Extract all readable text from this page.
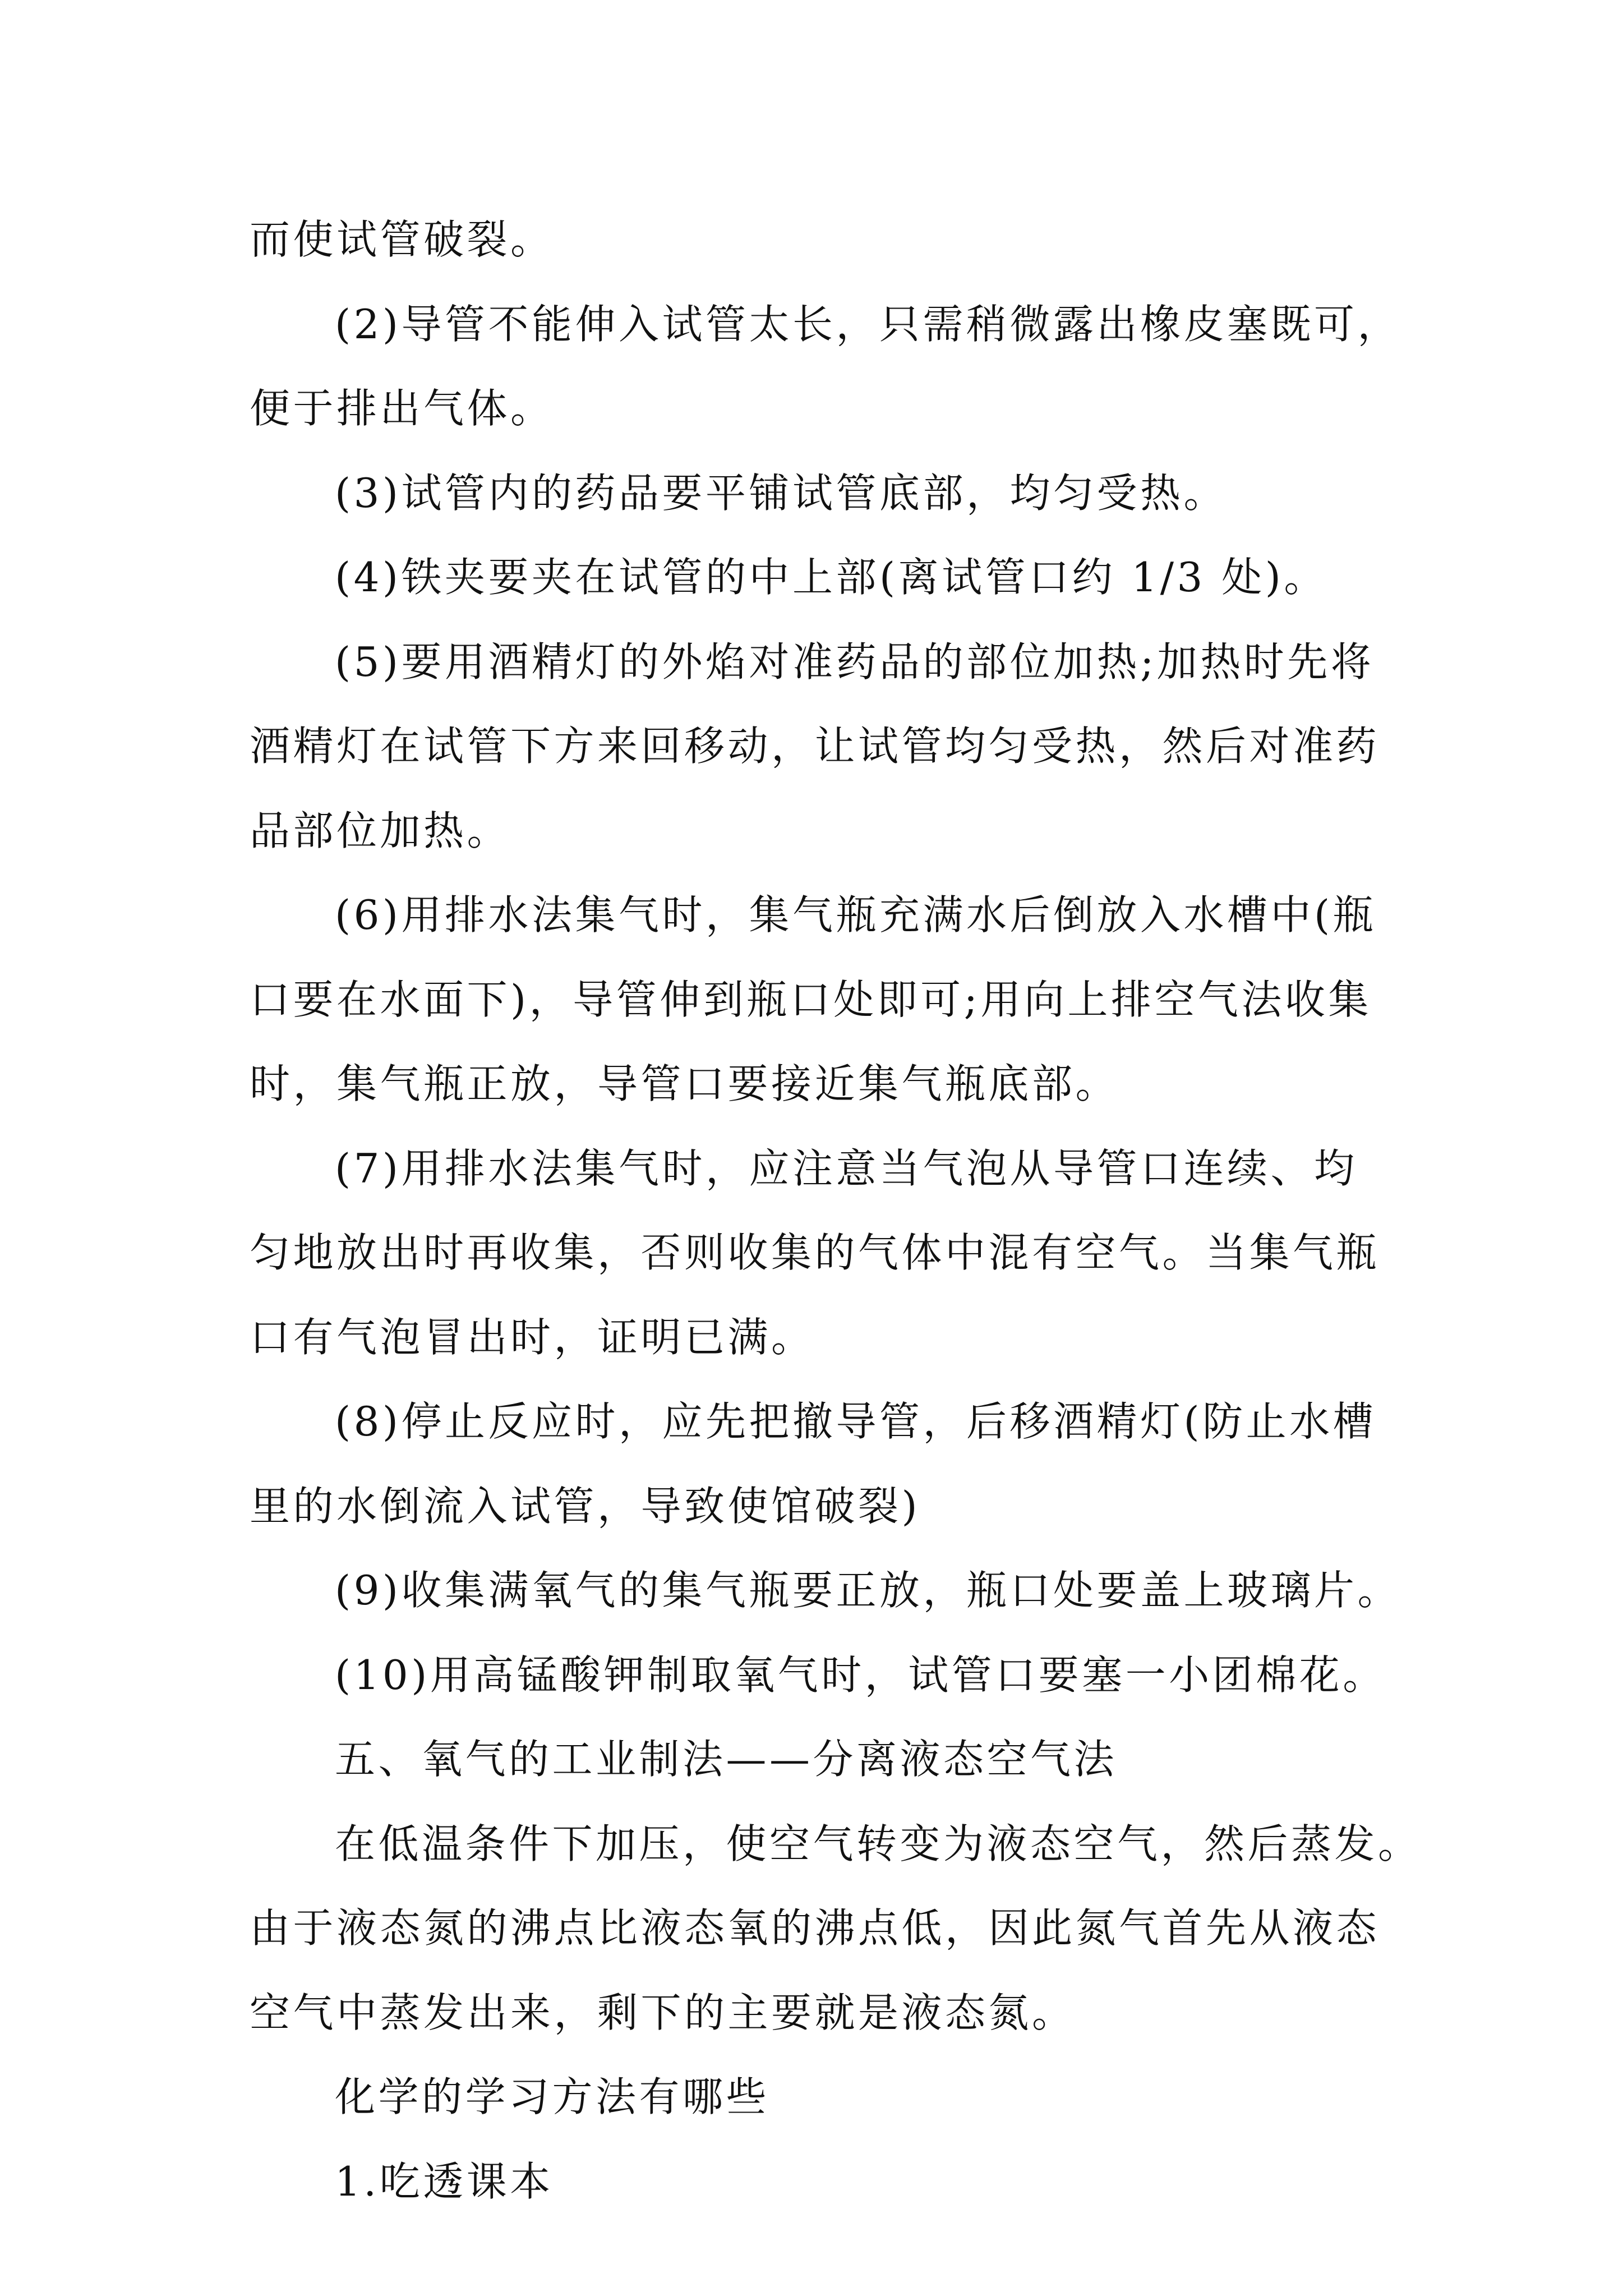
而使试管破裂。
(2)导管不能伸入试管太长，只需稍微露出橡皮塞既可，
便于排出气体。
(3)试管内的药品要平铺试管底部，均匀受热。
(4)铁夹要夹在试管的中上部(离试管口约 1/3 处)。
(5)要用酒精灯的外焰对准药品的部位加热;加热时先将
酒精灯在试管下方来回移动，让试管均匀受热，然后对准药
品部位加热。
(6)用排水法集气时，集气瓶充满水后倒放入水槽中(瓶
口要在水面下)，导管伸到瓶口处即可;用向上排空气法收集
时，集气瓶正放，导管口要接近集气瓶底部。
(7)用排水法集气时，应注意当气泡从导管口连续、均
匀地放出时再收集，否则收集的气体中混有空气。当集气瓶
口有气泡冒出时，证明已满。
(8)停止反应时，应先把撤导管，后移酒精灯(防止水槽
里的水倒流入试管，导致使馆破裂)
(9)收集满氧气的集气瓶要正放，瓶口处要盖上玻璃片。
(10)用高锰酸钾制取氧气时，试管口要塞一小团棉花。
五、氧气的工业制法——分离液态空气法
在低温条件下加压，使空气转变为液态空气，然后蒸发。
由于液态氮的沸点比液态氧的沸点低，因此氮气首先从液态
空气中蒸发出来，剩下的主要就是液态氮。
化学的学习方法有哪些
1.吃透课本
